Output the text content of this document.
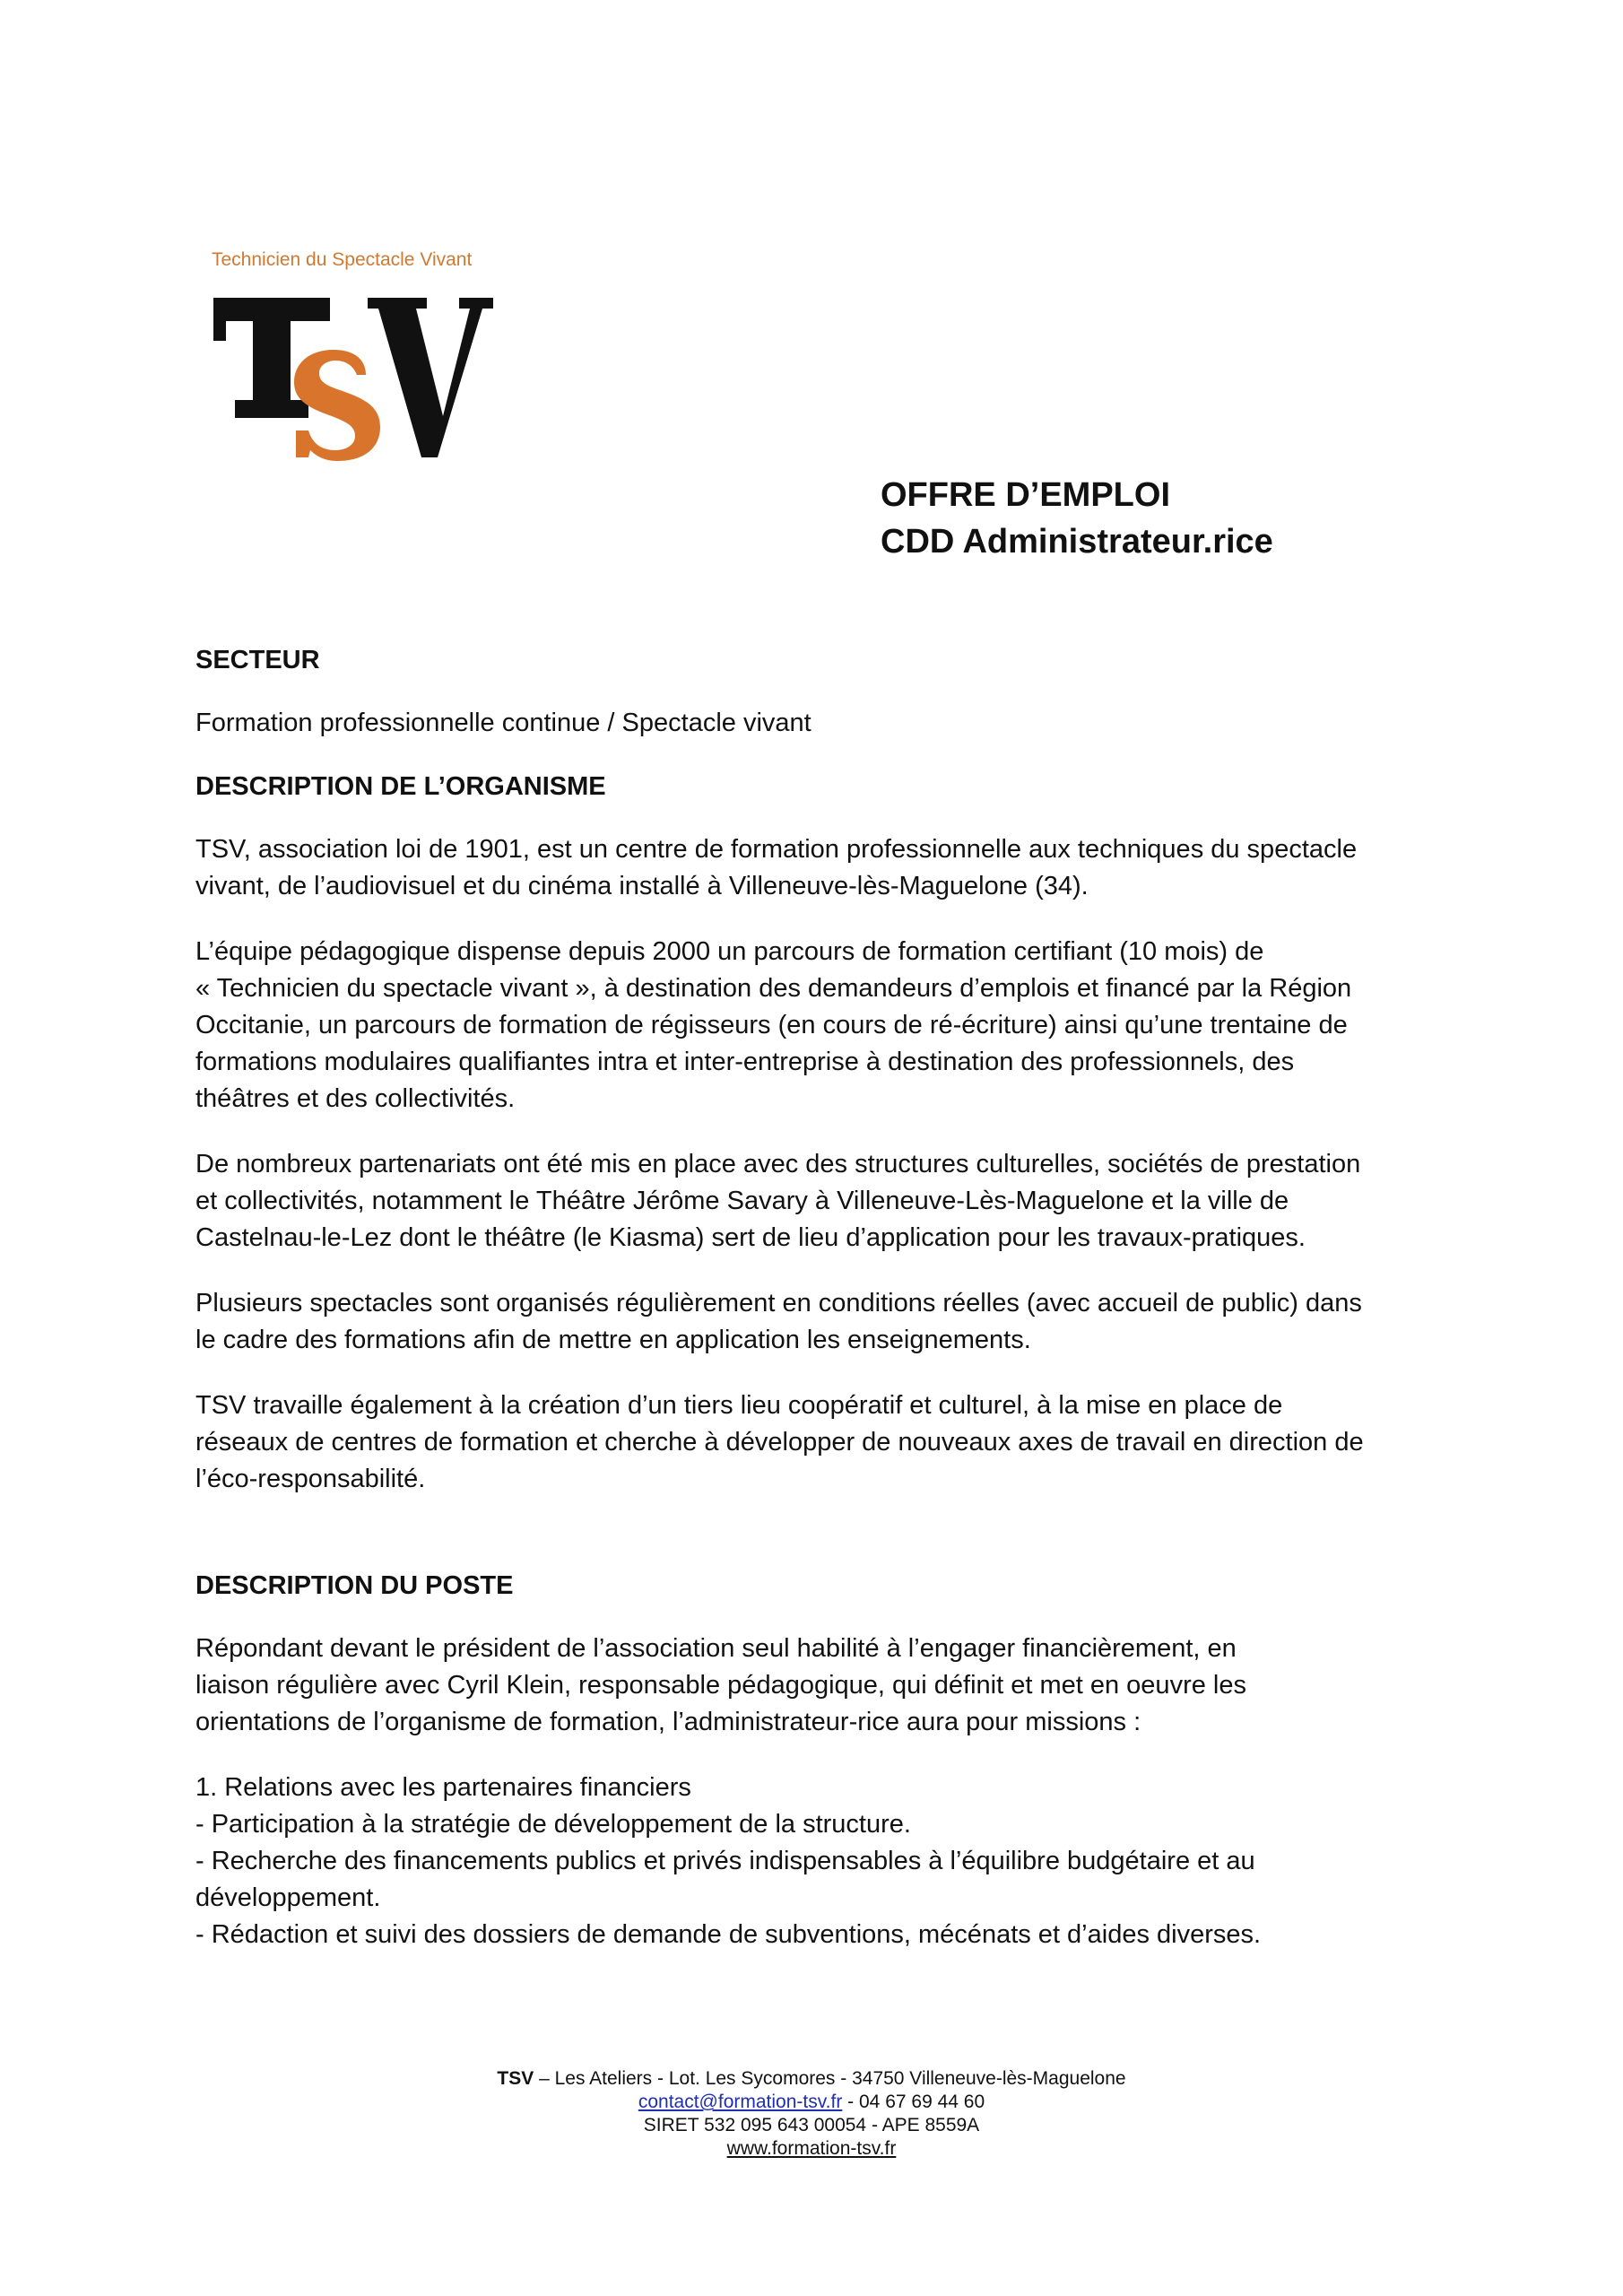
Technicien du Spectacle Vivant
OFFRE D’EMPLOI
CDD Administrateur.rice

SECTEUR

Formation professionnelle continue / Spectacle vivant

DESCRIPTION DE L’ORGANISME

TSV, association loi de 1901, est un centre de formation professionnelle aux techniques du spectacle

vivant, de l’audiovisuel et du cinéma installé à Villeneuve-lès-Maguelone (34).

L’équipe pédagogique dispense depuis 2000 un parcours de formation certifiant (10 mois) de

« Technicien du spectacle vivant », à destination des demandeurs d’emplois et financé par la Région

Occitanie, un parcours de formation de régisseurs (en cours de ré-écriture) ainsi qu’une trentaine de

formations modulaires qualifiantes intra et inter-entreprise à destination des professionnels, des

théâtres et des collectivités.

De nombreux partenariats ont été mis en place avec des structures culturelles, sociétés de prestation

et collectivités, notamment le Théâtre Jérôme Savary à Villeneuve-Lès-Maguelone et la ville de

Castelnau-le-Lez dont le théâtre (le Kiasma) sert de lieu d’application pour les travaux-pratiques.

Plusieurs spectacles sont organisés régulièrement en conditions réelles (avec accueil de public) dans

le cadre des formations afin de mettre en application les enseignements.

TSV travaille également à la création d’un tiers lieu coopératif et culturel, à la mise en place de

réseaux de centres de formation et cherche à développer de nouveaux axes de travail en direction de

l’éco-responsabilité.

DESCRIPTION DU POSTE

Répondant devant le président de l’association seul habilité à l’engager financièrement, en

liaison régulière avec Cyril Klein, responsable pédagogique, qui définit et met en oeuvre les

orientations de l’organisme de formation, l’administrateur-rice aura pour missions :

1. Relations avec les partenaires financiers

- Participation à la stratégie de développement de la structure.

- Recherche des financements publics et privés indispensables à l’équilibre budgétaire et au

développement.

- Rédaction et suivi des dossiers de demande de subventions, mécénats et d’aides diverses.

TSV – Les Ateliers - Lot. Les Sycomores - 34750 Villeneuve-lès-Maguelone
contact@formation-tsv.fr - 04 67 69 44 60
SIRET 532 095 643 00054 - APE 8559A
www.formation-tsv.fr
